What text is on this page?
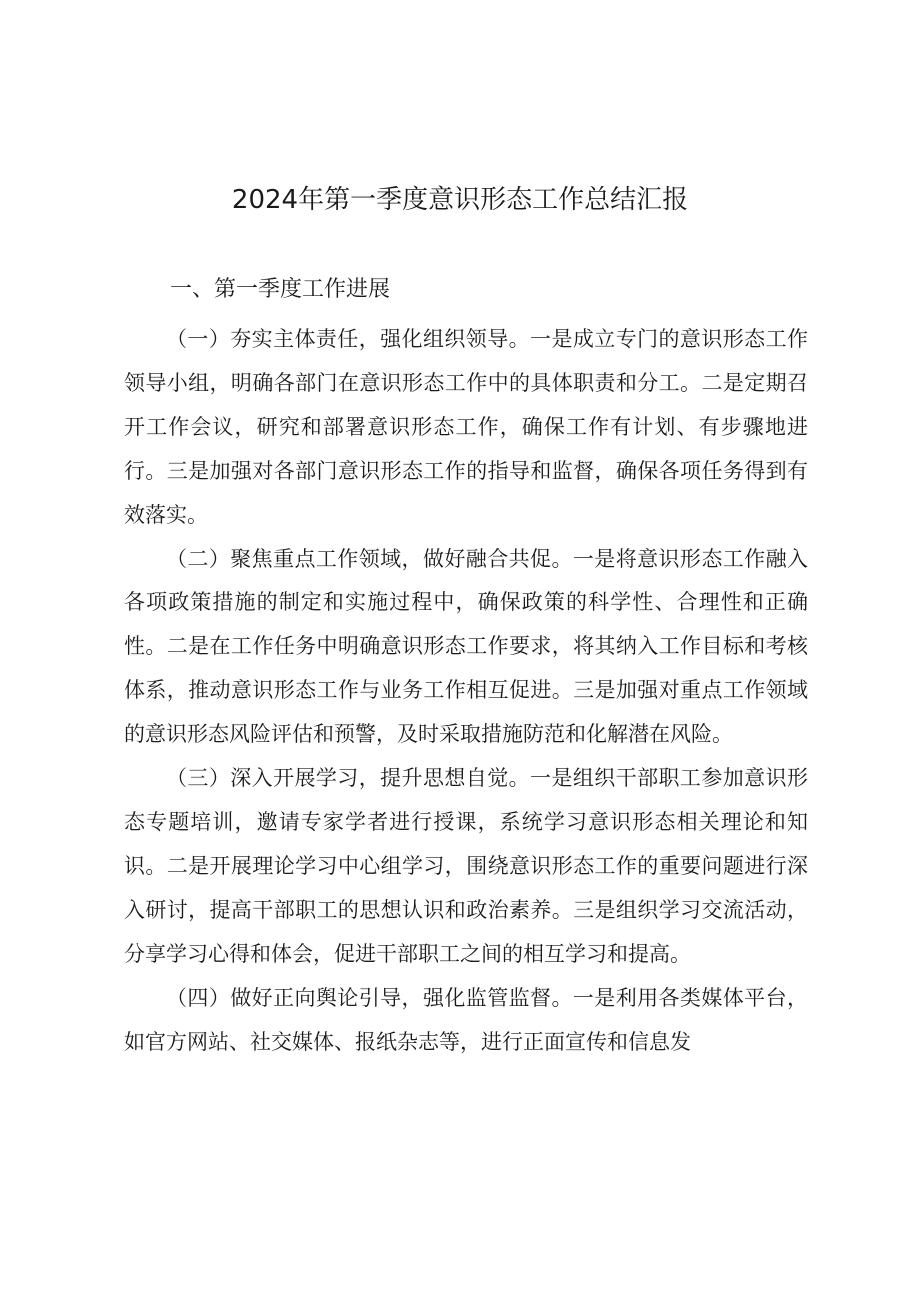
2024年第一季度意识形态工作总结汇报
一、第一季度工作进展

（一）夯实主体责任，强化组织领导。一是成立专门的意识形态工作领导小组，明确各部门在意识形态工作中的具体职责和分工。二是定期召开工作会议，研究和部署意识形态工作，确保工作有计划、有步骤地进行。三是加强对各部门意识形态工作的指导和监督，确保各项任务得到有效落实。

（二）聚焦重点工作领域，做好融合共促。一是将意识形态工作融入各项政策措施的制定和实施过程中，确保政策的科学性、合理性和正确性。二是在工作任务中明确意识形态工作要求，将其纳入工作目标和考核体系，推动意识形态工作与业务工作相互促进。三是加强对重点工作领域的意识形态风险评估和预警，及时采取措施防范和化解潜在风险。

（三）深入开展学习，提升思想自觉。一是组织干部职工参加意识形态专题培训，邀请专家学者进行授课，系统学习意识形态相关理论和知识。二是开展理论学习中心组学习，围绕意识形态工作的重要问题进行深入研讨，提高干部职工的思想认识和政治素养。三是组织学习交流活动，分享学习心得和体会，促进干部职工之间的相互学习和提高。

（四）做好正向舆论引导，强化监管监督。一是利用各类媒体平台，如官方网站、社交媒体、报纸杂志等，进行正面宣传和信息发
